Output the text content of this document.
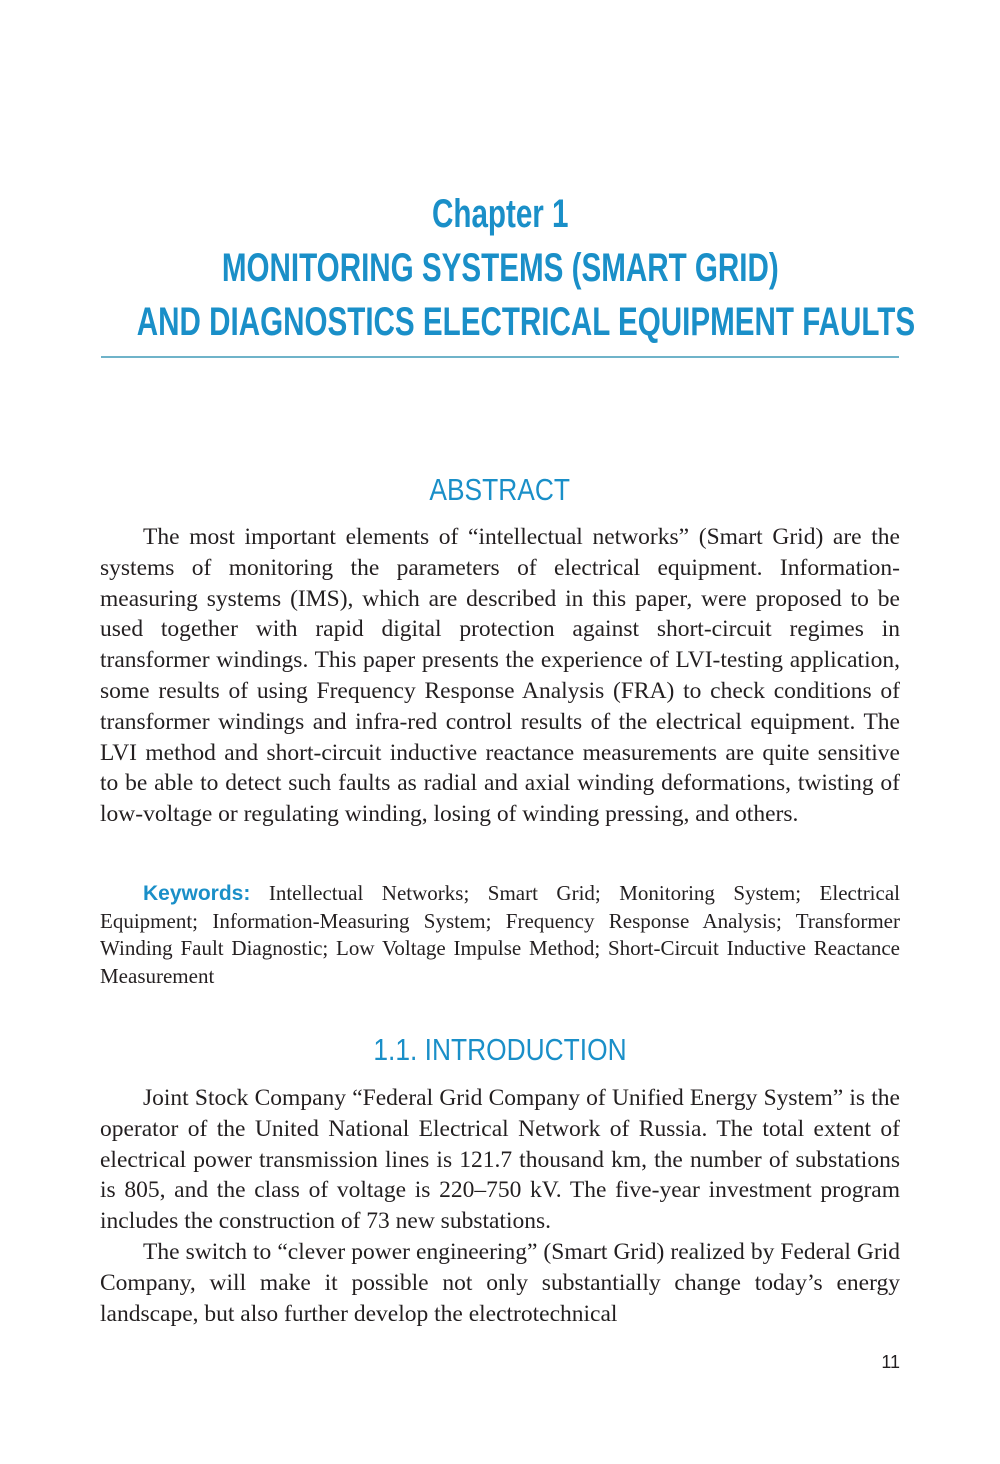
Chapter 1
MONITORING SYSTEMS (SMART GRID)
AND DIAGNOSTICS ELECTRICAL EQUIPMENT FAULTS
ABSTRACT

The most important elements of “intellectual networks” (Smart Grid) are the systems of monitoring the parameters of electrical equipment. Information-measuring systems (IMS), which are described in this paper, were proposed to be used together with rapid digital protection against short-circuit regimes in transformer windings. This paper presents the experience of LVI-testing application, some results of using Frequency Response Analysis (FRA) to check conditions of transformer windings and infra-red control results of the electrical equipment. The LVI method and short-circuit inductive reactance measurements are quite sensitive to be able to detect such faults as radial and axial winding deformations, twisting of low-voltage or regulating winding, losing of winding pressing, and others.

Keywords: Intellectual Networks; Smart Grid; Monitoring System; Electrical Equipment; Information-Measuring System; Frequency Response Analysis; Transformer Winding Fault Diagnostic; Low Voltage Impulse Method; Short-Circuit Inductive Reactance Measurement

1.1. INTRODUCTION

Joint Stock Company “Federal Grid Company of Unified Energy System” is the operator of the United National Electrical Network of Russia. The total extent of electrical power transmission lines is 121.7 thousand km, the number of substations is 805, and the class of voltage is 220–750 kV. The five-year investment program includes the construction of 73 new substations.

The switch to “clever power engineering” (Smart Grid) realized by Federal Grid Company, will make it possible not only substantially change today’s energy landscape, but also further develop the electrotechnical

11
